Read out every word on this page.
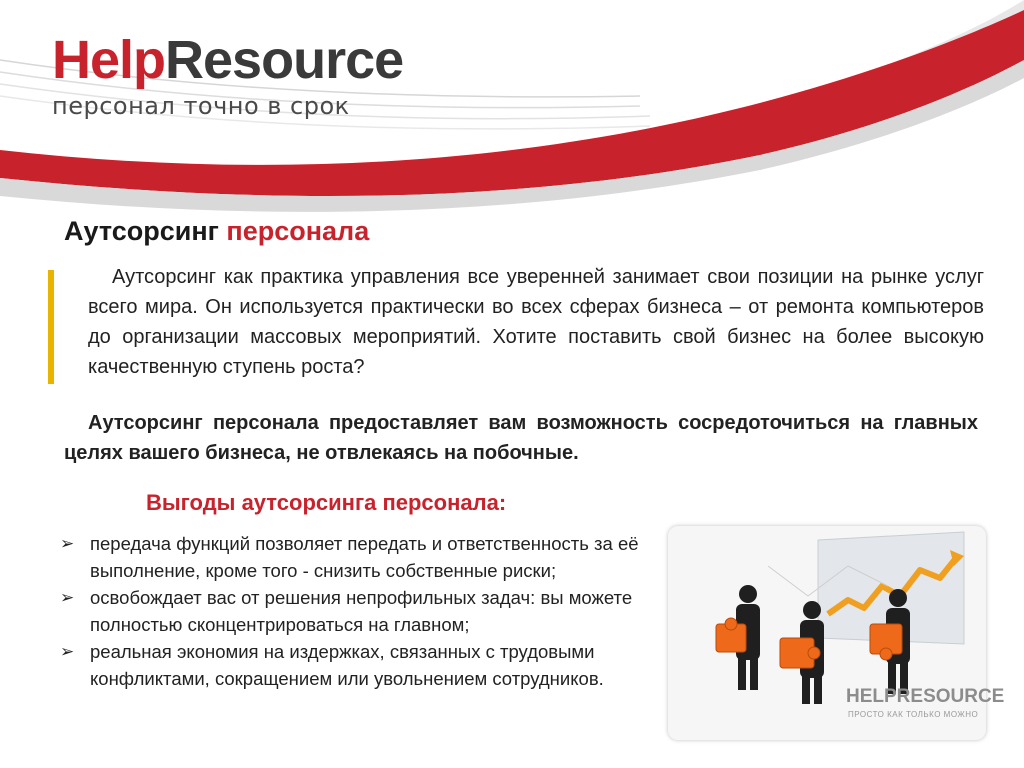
HelpResource
персонал точно в срок
Аутсорсинг персонала
Аутсорсинг как практика управления все уверенней занимает свои позиции на рынке услуг всего мира. Он используется практически во всех сферах бизнеса – от ремонта компьютеров до организации массовых мероприятий. Хотите поставить свой бизнес на более высокую качественную ступень роста?
Аутсорсинг персонала предоставляет вам возможность сосредоточиться на главных целях вашего бизнеса, не отвлекаясь на побочные.
Выгоды аутсорсинга персонала:
➢ передача функций позволяет передать и ответственность за её выполнение, кроме того - снизить собственные риски;
➢ освобождает вас от решения непрофильных задач: вы можете полностью сконцентрироваться на главном;
➢ реальная экономия на издержках, связанных с трудовыми конфликтами, сокращением или увольнением сотрудников.
HELPRESOURCE
ПРОСТО КАК ТОЛЬКО МОЖНО
